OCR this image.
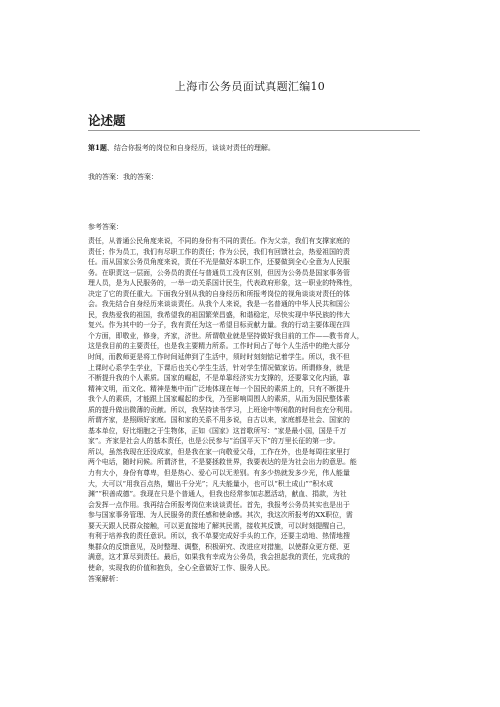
上海市公务员面试真题汇编10
论述题
第1题、结合你报考的岗位和自身经历，谈谈对责任的理解。
我的答案：我的答案：
参考答案：

责任，从普通公民角度来说，不同的身份有不同的责任。作为父亲，我们有支撑家庭的

责任；作为员工，我们有尽职工作的责任；作为公民，我们有回馈社会，热爱祖国的责

任。而从国家公务员角度来说，责任不光是做好本职工作，还要做到全心全意为人民服

务。在职责这一层面，公务员的责任与普通员工没有区别，但因为公务员是国家事务管

理人员，是为人民服务的，一举一动关系国计民生，代表政府形象，这一职业的特殊性，

决定了它的责任重大。下面我分别从我的自身经历和所报考岗位的视角谈谈对责任的体

会。我先结合自身经历来谈谈责任。从我个人来说，我是一名普通的中华人民共和国公

民，我热爱我的祖国，我希望我的祖国繁荣昌盛，和谐稳定，尽快实现中华民族的伟大

复兴。作为其中的一分子，我有责任为这一希望目标贡献力量。我的行动主要体现在四

个方面，即敬业，修身，齐家，济世。所谓敬业就是坚持做好我目前的工作——教书育人，

这是我目前的主要责任，也是我主要精力所系。工作时间占了每个人生活中的绝大部分

时间，而教师更是将工作时间延伸到了生活中，须时时刻刻惦记着学生。所以，我不但

上课时心系学生学业，下课后也关心学生生活，针对学生情况做家访。所谓修身，就是

不断提升我的个人素质。国家的崛起，不是单靠经济实力支撑的，还要靠文化内涵，靠

精神文明，而文化、精神是集中而广泛地体现在每一个国民的素质上的，只有不断提升

我个人的素质，才能跟上国家崛起的步伐，乃至影响周围人的素质，从而为国民整体素

质的提升做出微薄的贡献。所以，我坚持读书学习，上班途中等闲散的时间也充分利用。

所谓齐家，是照顾好家庭。国和家的关系不用多说，自古以来，家庭都是社会、国家的

基本单位，好比细胞之于生物体，正如《国家》这首歌所写：“家是最小国，国是千万

家”。齐家是社会人的基本责任，也是公民参与“治国平天下”的万里长征的第一步。

所以，虽然我现在还没成家，但是我在家一向敬爱父母，工作在外，也是每周往家里打

两个电话，随时问候。所谓济世，不是要拯救世界，我要表达的是为社会出力的意思。能

力有大小，身份有尊卑，但是热心、爱心可以无差别。有多少热就发多少光，伟人能量

大，大可以“用我百点热，耀出千分光”；凡夫能量小，也可以“积土成山”“积水成

渊”“积善成德”。我现在只是个普通人，但我也经常参加志愿活动，献血、捐款，为社

会发挥一点作用。我再结合所报考岗位来谈谈责任。首先，我报考公务员其实也是出于

参与国家事务管理、为人民服务的责任感和使命感。其次，我这次所报考的XX职位，需

要天天跟人民群众接触，可以更直接地了解其民需，接收其反馈，可以时刻提醒自己，

有利于培养我的责任意识。所以，我不单要完成好手头的工作，还要主动地、热情地搜

集群众的反馈意见，及时整理、调整，积极研究、改进应对措施，以使群众更方便、更

满意，这才算尽到责任。最后，如果我有幸成为公务员，我会担起我的责任，完成我的

使命，实现我的价值和抱负，全心全意做好工作、服务人民。

答案解析：
